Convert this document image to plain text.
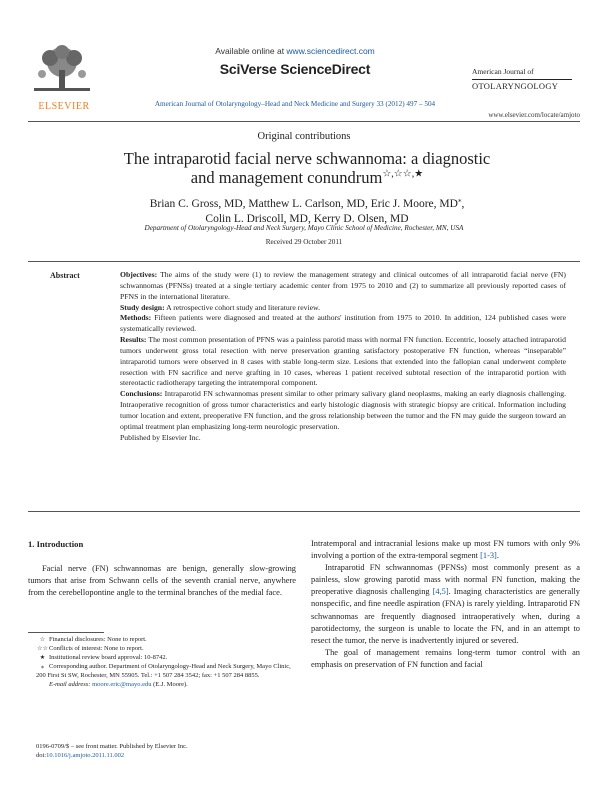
ELSEVIER
Available online at www.sciencedirect.com
SciVerse ScienceDirect	American Journal of
OTOLARYNGOLOGY
American Journal of Otolaryngology–Head and Neck Medicine and Surgery 33 (2012) 497 – 504
www.elsevier.com/locate/amjoto
Original contributions
The intraparotid facial nerve schwannoma: a diagnostic
and management conundrum☆,☆☆,★
Brian C. Gross, MD, Matthew L. Carlson, MD, Eric J. Moore, MD⁎,
Colin L. Driscoll, MD, Kerry D. Olsen, MD
Department of Otolaryngology-Head and Neck Surgery, Mayo Clinic School of Medicine, Rochester, MN, USA
Received 29 October 2011
Abstract	Objectives: The aims of the study were (1) to review the management strategy and clinical outcomes of all intraparotid facial nerve (FN) schwannomas (PFNSs) treated at a single tertiary academic center from 1975 to 2010 and (2) to summarize all previously reported cases of PFNS in the international literature.

Study design: A retrospective cohort study and literature review.

Methods: Fifteen patients were diagnosed and treated at the authors' institution from 1975 to 2010. In addition, 124 published cases were systematically reviewed.

Results: The most common presentation of PFNS was a painless parotid mass with normal FN function. Eccentric, loosely attached intraparotid tumors underwent gross total resection with nerve preservation granting satisfactory postoperative FN function, whereas “inseparable” intraparotid tumors were observed in 8 cases with stable long-term size. Lesions that extended into the fallopian canal underwent complete resection with FN sacrifice and nerve grafting in 10 cases, whereas 1 patient received subtotal resection of the intraparotid portion with stereotactic radiotherapy targeting the intratemporal component.

Conclusions: Intraparotid FN schwannomas present similar to other primary salivary gland neoplasms, making an early diagnosis challenging. Intraoperative recognition of gross tumor characteristics and early histologic diagnosis with strategic biopsy are critical. Information including tumor location and extent, preoperative FN function, and the gross relationship between the tumor and the FN may guide the surgeon toward an optimal treatment plan emphasizing long-term neurologic preservation.

Published by Elsevier Inc.

1. Introduction

Facial nerve (FN) schwannomas are benign, generally slow-growing tumors that arise from Schwann cells of the seventh cranial nerve, anywhere from the cerebellopontine angle to the terminal branches of the medial face.

☆ Financial disclosures: None to report.

☆☆Conflicts of interest: None to report.

★ Institutional review board approval: 10-8742.

⁎ Corresponding author. Department of Otolaryngology-Head and Neck Surgery, Mayo Clinic, 200 First St SW, Rochester, MN 55905. Tel.: +1 507 284 3542; fax: +1 507 284 8855.

E-mail address: moore.eric@mayo.edu (E.J. Moore).

0196-0709/$ – see front matter. Published by Elsevier Inc.
doi:10.1016/j.amjoto.2011.11.002

Intratemporal and intracranial lesions make up most FN tumors with only 9% involving a portion of the extra-temporal segment [1-3].

Intraparotid FN schwannomas (PFNSs) most commonly present as a painless, slow growing parotid mass with normal FN function, making the preoperative diagnosis challenging [4,5]. Imaging characteristics are generally nonspecific, and fine needle aspiration (FNA) is rarely yielding. Intraparotid FN schwannomas are frequently diagnosed intraoperatively when, during a parotidectomy, the surgeon is unable to locate the FN, and in an attempt to resect the tumor, the nerve is inadvertently injured or severed.

The goal of management remains long-term tumor control with an emphasis on preservation of FN function and facial
